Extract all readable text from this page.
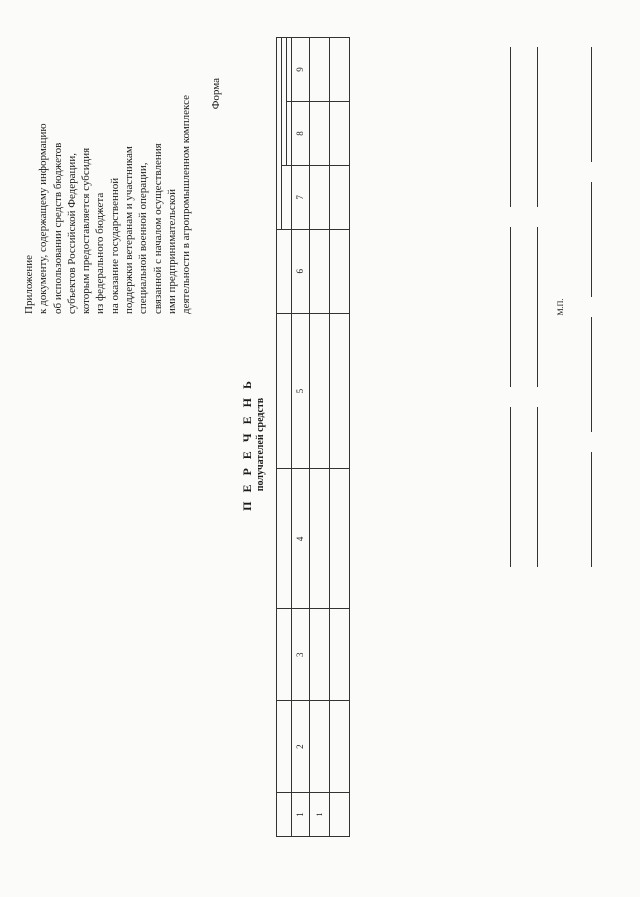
Приложение к документу, содержащему информацию об использовании средств бюджетов субъектов Российской Федерации, которым предоставляется субсидия из федерального бюджета на оказание государственной поддержки ветеранам и участникам специальной военной операции, связанной с началом осуществления ими предпринимательской деятельности в агропромышленном комплексе
Форма
П Е Р Е Ч Е Н Ь получателей средств

1	2	3	4	5	6	7	8	9
1								

М.П.
